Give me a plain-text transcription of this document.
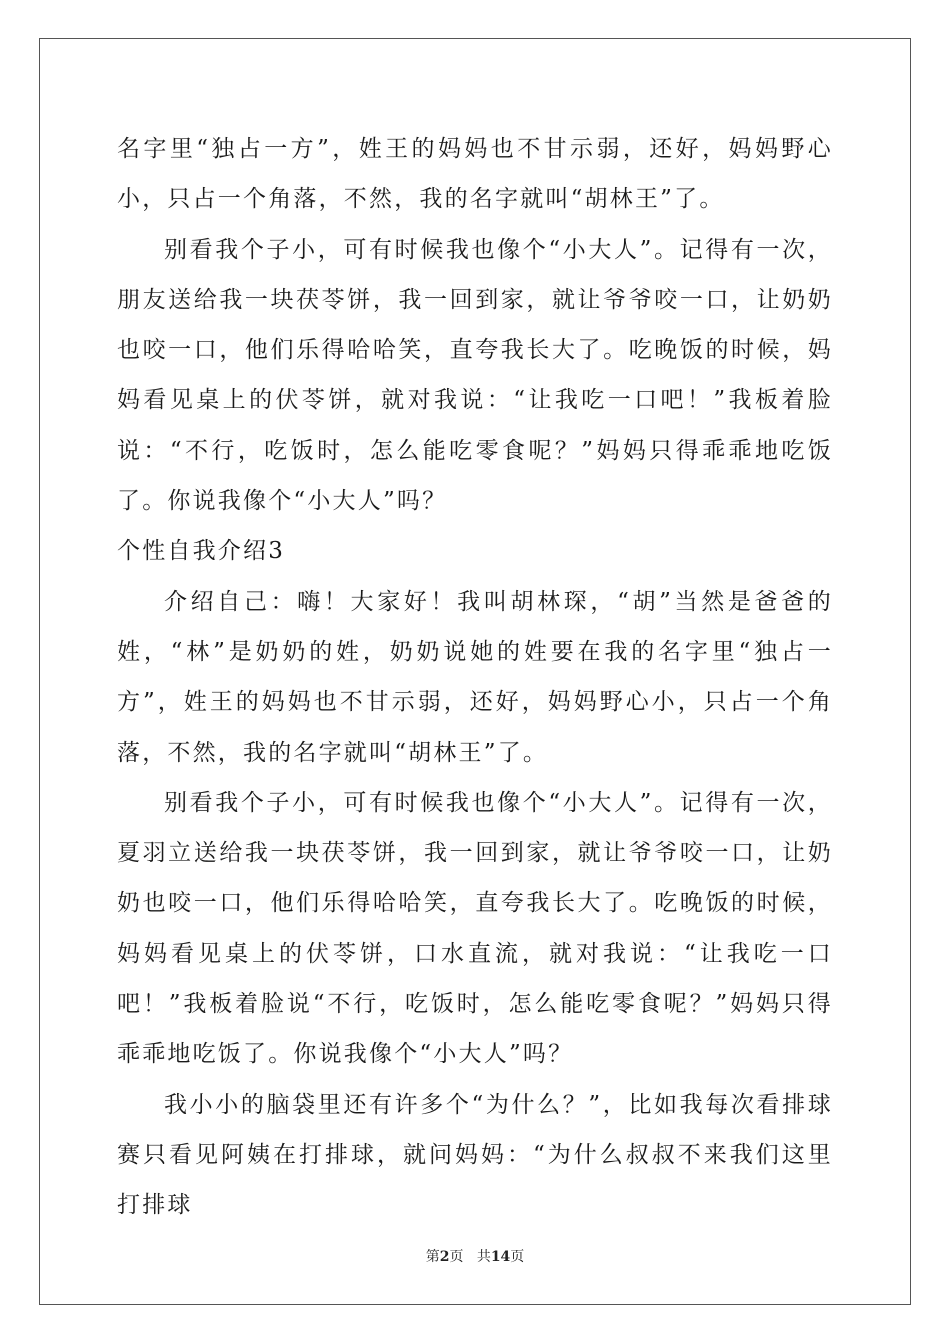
名字里“独占一方”，姓王的妈妈也不甘示弱，还好，妈妈野心小，只占一个角落，不然，我的名字就叫“胡林王”了。

别看我个子小，可有时候我也像个“小大人”。记得有一次，朋友送给我一块茯苓饼，我一回到家，就让爷爷咬一口，让奶奶也咬一口，他们乐得哈哈笑，直夸我长大了。吃晚饭的时候，妈妈看见桌上的伏苓饼，就对我说：“让我吃一口吧！”我板着脸说：“不行，吃饭时，怎么能吃零食呢？”妈妈只得乖乖地吃饭了。你说我像个“小大人”吗？

个性自我介绍3

介绍自己：嗨！大家好！我叫胡林琛，“胡”当然是爸爸的姓，“林”是奶奶的姓，奶奶说她的姓要在我的名字里“独占一方”，姓王的妈妈也不甘示弱，还好，妈妈野心小，只占一个角落，不然，我的名字就叫“胡林王”了。

别看我个子小，可有时候我也像个“小大人”。记得有一次，夏羽立送给我一块茯苓饼，我一回到家，就让爷爷咬一口，让奶奶也咬一口，他们乐得哈哈笑，直夸我长大了。吃晚饭的时候，妈妈看见桌上的伏苓饼，口水直流，就对我说：“让我吃一口吧！”我板着脸说“不行，吃饭时，怎么能吃零食呢？”妈妈只得乖乖地吃饭了。你说我像个“小大人”吗？

我小小的脑袋里还有许多个“为什么？”，比如我每次看排球赛只看见阿姨在打排球，就问妈妈：“为什么叔叔不来我们这里打排球

第2页 共14页
